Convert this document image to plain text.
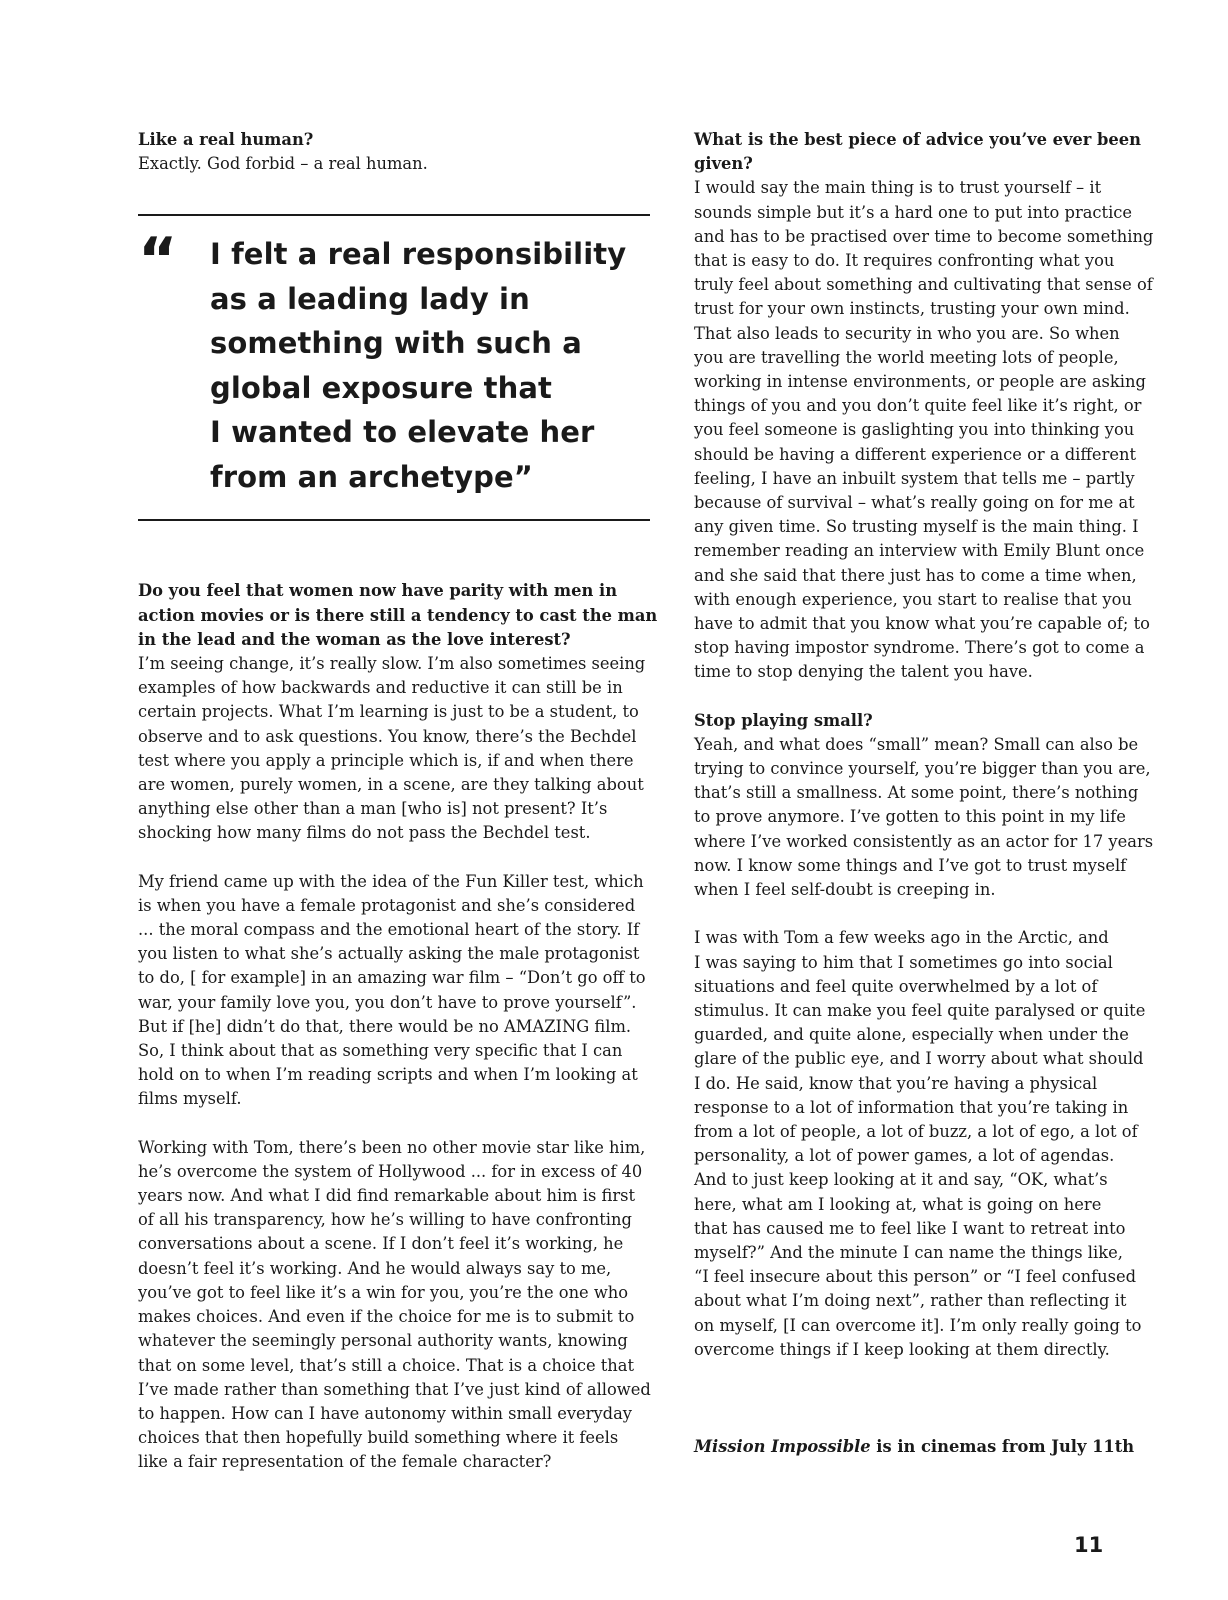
Like a real human?

Exactly. God forbid – a real human.

“ I felt a real responsibility
as a leading lady in
something with such a
global exposure that
I wanted to elevate her
from an archetype”
Do you feel that women now have parity with men in
action movies or is there still a tendency to cast the man
in the lead and the woman as the love interest?
I’m seeing change, it’s really slow. I’m also sometimes seeing
examples of how backwards and reductive it can still be in
certain projects. What I’m learning is just to be a student, to
observe and to ask questions. You know, there’s the Bechdel
test where you apply a principle which is, if and when there
are women, purely women, in a scene, are they talking about
anything else other than a man [who is] not present? It’s
shocking how many films do not pass the Bechdel test.
My friend came up with the idea of the Fun Killer test, which
is when you have a female protagonist and she’s considered
... the moral compass and the emotional heart of the story. If
you listen to what she’s actually asking the male protagonist
to do, [ for example] in an amazing war film – “Don’t go off to
war, your family love you, you don’t have to prove yourself”.
But if [he] didn’t do that, there would be no AMAZING film.
So, I think about that as something very specific that I can
hold on to when I’m reading scripts and when I’m looking at
films myself.
Working with Tom, there’s been no other movie star like him,
he’s overcome the system of Hollywood ... for in excess of 40
years now. And what I did find remarkable about him is first
of all his transparency, how he’s willing to have confronting
conversations about a scene. If I don’t feel it’s working, he
doesn’t feel it’s working. And he would always say to me,
you’ve got to feel like it’s a win for you, you’re the one who
makes choices. And even if the choice for me is to submit to
whatever the seemingly personal authority wants, knowing
that on some level, that’s still a choice. That is a choice that
I’ve made rather than something that I’ve just kind of allowed
to happen. How can I have autonomy within small everyday
choices that then hopefully build something where it feels
like a fair representation of the female character?
What is the best piece of advice you’ve ever been
given?
I would say the main thing is to trust yourself – it
sounds simple but it’s a hard one to put into practice
and has to be practised over time to become something
that is easy to do. It requires confronting what you
truly feel about something and cultivating that sense of
trust for your own instincts, trusting your own mind.
That also leads to security in who you are. So when
you are travelling the world meeting lots of people,
working in intense environments, or people are asking
things of you and you don’t quite feel like it’s right, or
you feel someone is gaslighting you into thinking you
should be having a different experience or a different
feeling, I have an inbuilt system that tells me – partly
because of survival – what’s really going on for me at
any given time. So trusting myself is the main thing. I
remember reading an interview with Emily Blunt once
and she said that there just has to come a time when,
with enough experience, you start to realise that you
have to admit that you know what you’re capable of; to
stop having impostor syndrome. There’s got to come a
time to stop denying the talent you have.

Stop playing small?

Yeah, and what does “small” mean? Small can also be
trying to convince yourself, you’re bigger than you are,
that’s still a smallness. At some point, there’s nothing
to prove anymore. I’ve gotten to this point in my life
where I’ve worked consistently as an actor for 17 years
now. I know some things and I’ve got to trust myself
when I feel self-doubt is creeping in.
I was with Tom a few weeks ago in the Arctic, and
I was saying to him that I sometimes go into social
situations and feel quite overwhelmed by a lot of
stimulus. It can make you feel quite paralysed or quite
guarded, and quite alone, especially when under the
glare of the public eye, and I worry about what should
I do. He said, know that you’re having a physical
response to a lot of information that you’re taking in
from a lot of people, a lot of buzz, a lot of ego, a lot of
personality, a lot of power games, a lot of agendas.
And to just keep looking at it and say, “OK, what’s
here, what am I looking at, what is going on here
that has caused me to feel like I want to retreat into
myself?” And the minute I can name the things like,
“I feel insecure about this person” or “I feel confused
about what I’m doing next”, rather than reflecting it
on myself, [I can overcome it]. I’m only really going to
overcome things if I keep looking at them directly.
Mission Impossible is in cinemas from July 11th
11
